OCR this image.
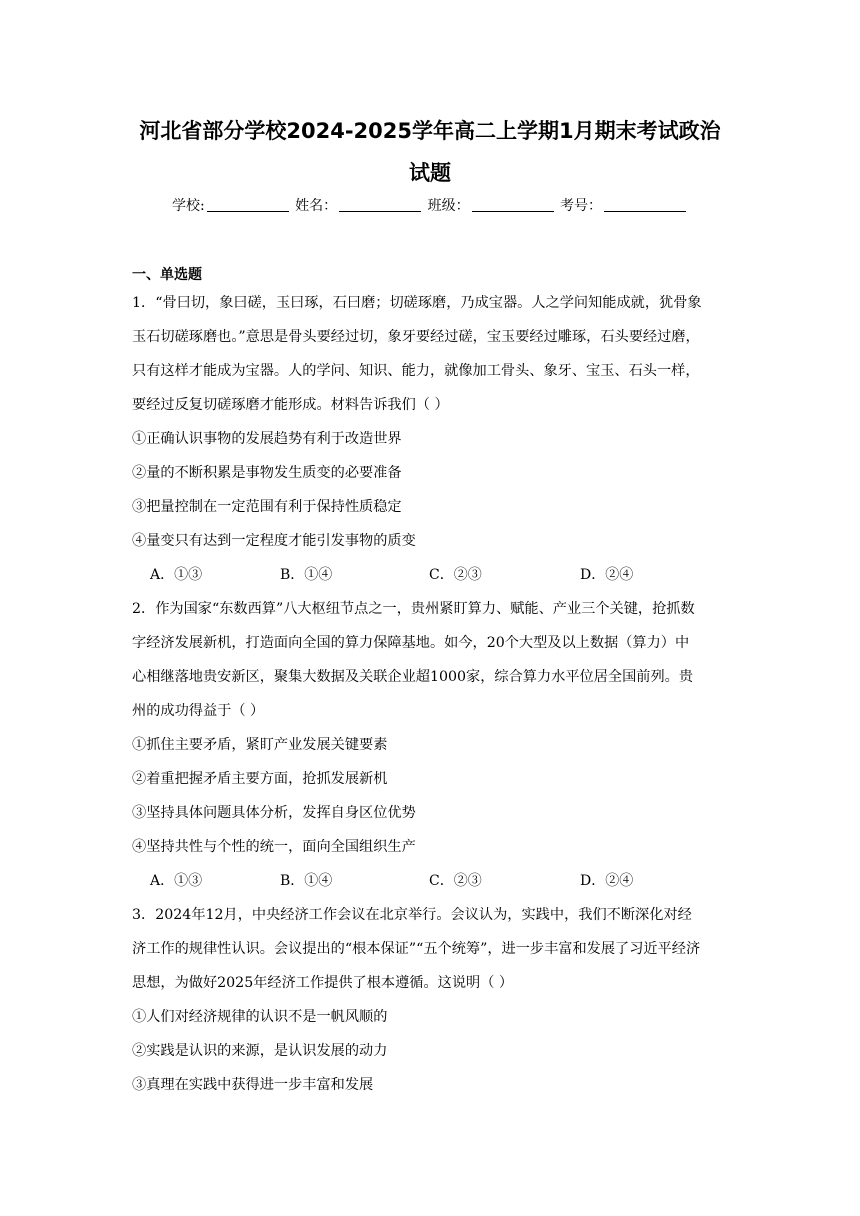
河北省部分学校2024-2025学年高二上学期1月期末考试政治
试题
学校:	姓名：	班级：	考号：
一、单选题
1．“骨曰切，象曰磋，玉曰琢，石曰磨；切磋琢磨，乃成宝器。人之学问知能成就，犹骨象
玉石切磋琢磨也。”意思是骨头要经过切，象牙要经过磋，宝玉要经过雕琢，石头要经过磨，
只有这样才能成为宝器。人的学问、知识、能力，就像加工骨头、象牙、宝玉、石头一样，
要经过反复切磋琢磨才能形成。材料告诉我们（ ）
①正确认识事物的发展趋势有利于改造世界
②量的不断积累是事物发生质变的必要准备
③把量控制在一定范围有利于保持性质稳定
④量变只有达到一定程度才能引发事物的质变
A．①③	B．①④	C．②③	D．②④
2．作为国家“东数西算”八大枢纽节点之一，贵州紧盯算力、赋能、产业三个关键，抢抓数
字经济发展新机，打造面向全国的算力保障基地。如今，20个大型及以上数据（算力）中
心相继落地贵安新区，聚集大数据及关联企业超1000家，综合算力水平位居全国前列。贵
州的成功得益于（ ）
①抓住主要矛盾，紧盯产业发展关键要素
②着重把握矛盾主要方面，抢抓发展新机
③坚持具体问题具体分析，发挥自身区位优势
④坚持共性与个性的统一，面向全国组织生产
A．①③	B．①④	C．②③	D．②④
3．2024年12月，中央经济工作会议在北京举行。会议认为，实践中，我们不断深化对经
济工作的规律性认识。会议提出的“根本保证”“五个统筹”，进一步丰富和发展了习近平经济
思想，为做好2025年经济工作提供了根本遵循。这说明（ ）
①人们对经济规律的认识不是一帆风顺的
②实践是认识的来源，是认识发展的动力
③真理在实践中获得进一步丰富和发展
